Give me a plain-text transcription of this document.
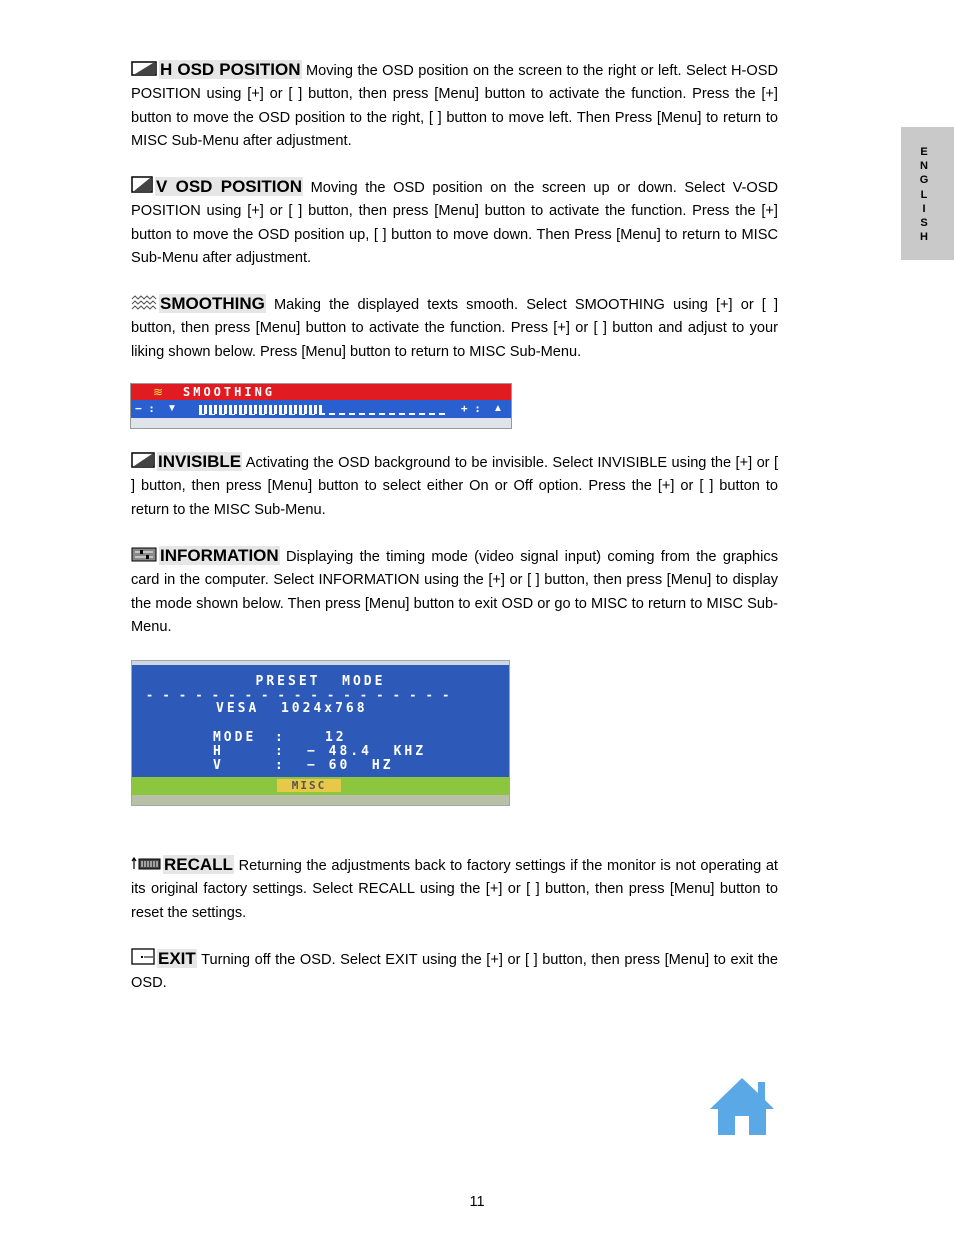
E
N
G
L
I
S
H
H OSD POSITION Moving the OSD position on the screen to the right or left. Select H-OSD POSITION using [+] or [ ] button, then press [Menu] button to activate the function. Press the [+] button to move the OSD position to the right, [ ] button to move left. Then Press [Menu] to return to MISC Sub-Menu after adjustment.
V OSD POSITION Moving the OSD position on the screen up or down. Select V-OSD POSITION using [+] or [ ] button, then press [Menu] button to activate the function. Press the [+] button to move the OSD position up, [ ] button to move down. Then Press [Menu] to return to MISC Sub-Menu after adjustment.
SMOOTHING Making the displayed texts smooth. Select SMOOTHING using [+] or [ ] button, then press [Menu] button to activate the function. Press [+] or [ ] button and adjust to your liking shown below. Press [Menu] button to return to MISC Sub-Menu.
≋ SMOOTHING
− : ▼	+ : ▲
INVISIBLE Activating the OSD background to be invisible. Select INVISIBLE using the [+] or [ ] button, then press [Menu] button to select either On or Off option. Press the [+] or [ ] button to return to the MISC Sub-Menu.
INFORMATION Displaying the timing mode (video signal input) coming from the graphics card in the computer. Select INFORMATION using the [+] or [ ] button, then press [Menu] to display the mode shown below. Then press [Menu] button to exit OSD or go to MISC to return to MISC Sub-Menu.
PRESET  MODE
- - - - - - - - - - - - - - - - - - -
VESA  1024x768

MODE :	12

H	: − 48.4  KHZ

V	: − 60  HZ

MISC
RECALL Returning the adjustments back to factory settings if the monitor is not operating at its original factory settings. Select RECALL using the [+] or [ ] button, then press [Menu] button to reset the settings.
EXIT Turning off the OSD. Select EXIT using the [+] or [ ] button, then press [Menu] to exit the OSD.
11
